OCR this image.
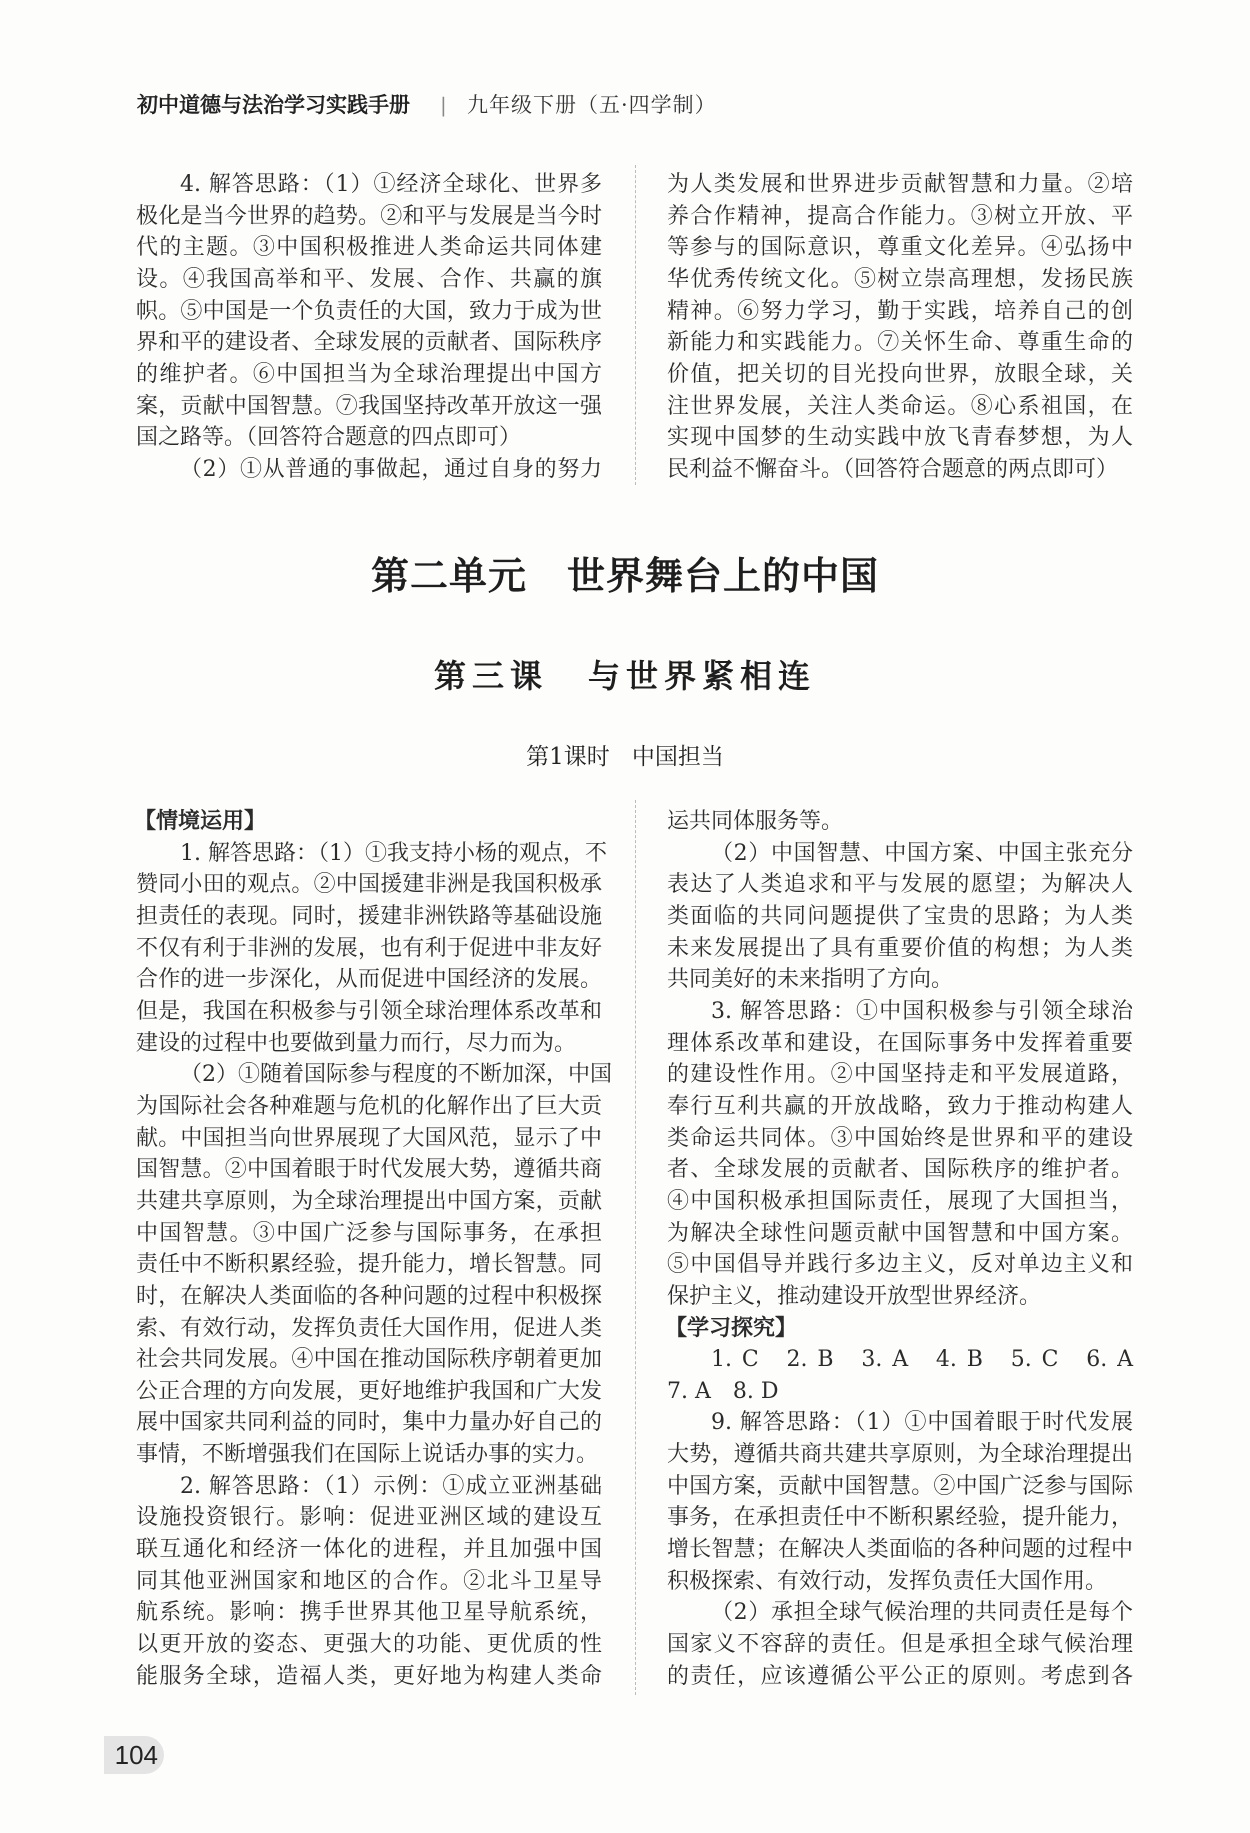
初中道德与法治学习实践手册 | 九年级下册（五·四学制）
4. 解答思路：（1）①经济全球化、世界多
极化是当今世界的趋势。②和平与发展是当今时
代的主题。③中国积极推进人类命运共同体建
设。④我国高举和平、发展、合作、共赢的旗
帜。⑤中国是一个负责任的大国，致力于成为世
界和平的建设者、全球发展的贡献者、国际秩序
的维护者。⑥中国担当为全球治理提出中国方
案，贡献中国智慧。⑦我国坚持改革开放这一强
国之路等。（回答符合题意的四点即可）
（2）①从普通的事做起，通过自身的努力
为人类发展和世界进步贡献智慧和力量。②培
养合作精神，提高合作能力。③树立开放、平
等参与的国际意识，尊重文化差异。④弘扬中
华优秀传统文化。⑤树立崇高理想，发扬民族
精神。⑥努力学习，勤于实践，培养自己的创
新能力和实践能力。⑦关怀生命、尊重生命的
价值，把关切的目光投向世界，放眼全球，关
注世界发展，关注人类命运。⑧心系祖国，在
实现中国梦的生动实践中放飞青春梦想，为人
民利益不懈奋斗。（回答符合题意的两点即可）
第二单元 世界舞台上的中国
第三课 与世界紧相连
第1课时 中国担当
【情境运用】
1. 解答思路：（1）①我支持小杨的观点，不
赞同小田的观点。②中国援建非洲是我国积极承
担责任的表现。同时，援建非洲铁路等基础设施
不仅有利于非洲的发展，也有利于促进中非友好
合作的进一步深化，从而促进中国经济的发展。
但是，我国在积极参与引领全球治理体系改革和
建设的过程中也要做到量力而行，尽力而为。
（2）①随着国际参与程度的不断加深，中国
为国际社会各种难题与危机的化解作出了巨大贡
献。中国担当向世界展现了大国风范，显示了中
国智慧。②中国着眼于时代发展大势，遵循共商
共建共享原则，为全球治理提出中国方案，贡献
中国智慧。③中国广泛参与国际事务，在承担
责任中不断积累经验，提升能力，增长智慧。同
时，在解决人类面临的各种问题的过程中积极探
索、有效行动，发挥负责任大国作用，促进人类
社会共同发展。④中国在推动国际秩序朝着更加
公正合理的方向发展，更好地维护我国和广大发
展中国家共同利益的同时，集中力量办好自己的
事情，不断增强我们在国际上说话办事的实力。
2. 解答思路：（1）示例：①成立亚洲基础
设施投资银行。影响：促进亚洲区域的建设互
联互通化和经济一体化的进程，并且加强中国
同其他亚洲国家和地区的合作。②北斗卫星导
航系统。影响：携手世界其他卫星导航系统，
以更开放的姿态、更强大的功能、更优质的性
能服务全球，造福人类，更好地为构建人类命
运共同体服务等。
（2）中国智慧、中国方案、中国主张充分
表达了人类追求和平与发展的愿望；为解决人
类面临的共同问题提供了宝贵的思路；为人类
未来发展提出了具有重要价值的构想；为人类
共同美好的未来指明了方向。
3. 解答思路：①中国积极参与引领全球治
理体系改革和建设，在国际事务中发挥着重要
的建设性作用。②中国坚持走和平发展道路，
奉行互利共赢的开放战略，致力于推动构建人
类命运共同体。③中国始终是世界和平的建设
者、全球发展的贡献者、国际秩序的维护者。
④中国积极承担国际责任，展现了大国担当，
为解决全球性问题贡献中国智慧和中国方案。
⑤中国倡导并践行多边主义，反对单边主义和
保护主义，推动建设开放型世界经济。
【学习探究】
1. C　2. B　3. A　4. B　5. C　6. A
7. A　8. D
9. 解答思路：（1）①中国着眼于时代发展
大势，遵循共商共建共享原则，为全球治理提出
中国方案，贡献中国智慧。②中国广泛参与国际
事务，在承担责任中不断积累经验，提升能力，
增长智慧；在解决人类面临的各种问题的过程中
积极探索、有效行动，发挥负责任大国作用。
（2）承担全球气候治理的共同责任是每个
国家义不容辞的责任。但是承担全球气候治理
的责任，应该遵循公平公正的原则。考虑到各
104
